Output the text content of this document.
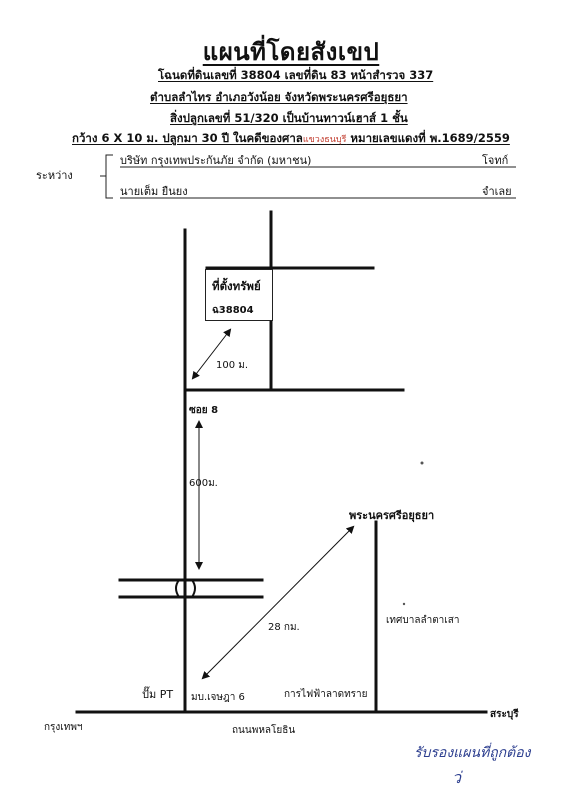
แผนที่โดยสังเขป
โฉนดที่ดินเลขที่ 38804 เลขที่ดิน 83 หน้าสำรวจ 337
ตำบลลำไทร อำเภอวังน้อย จังหวัดพระนครศรีอยุธยา
สิ่งปลูกเลขที่ 51/320 เป็นบ้านทาวน์เฮาส์ 1 ชั้น
กว้าง 6 X 10 ม. ปลูกมา 30 ปี ในคดีของศาลแขวงธนบุรี หมายเลขแดงที่ พ.1689/2559
ระหว่าง
บริษัท กรุงเทพประกันภัย จำกัด (มหาชน)	โจทก์
นายเต็ม ยืนยง	จำเลย
ที่ตั้งทรัพย์
ฉ38804
100 ม.
ซอย 8
600ม.
พระนครศรีอยุธยา
28 กม.
เทศบาลลำตาเสา
ปั๊ม PT มบ.เจษฎา 6	การไฟฟ้าลาดทราย
สระบุรี
กรุงเทพฯ	ถนนพหลโยธิน
รับรองแผนที่ถูกต้อง
ว่
